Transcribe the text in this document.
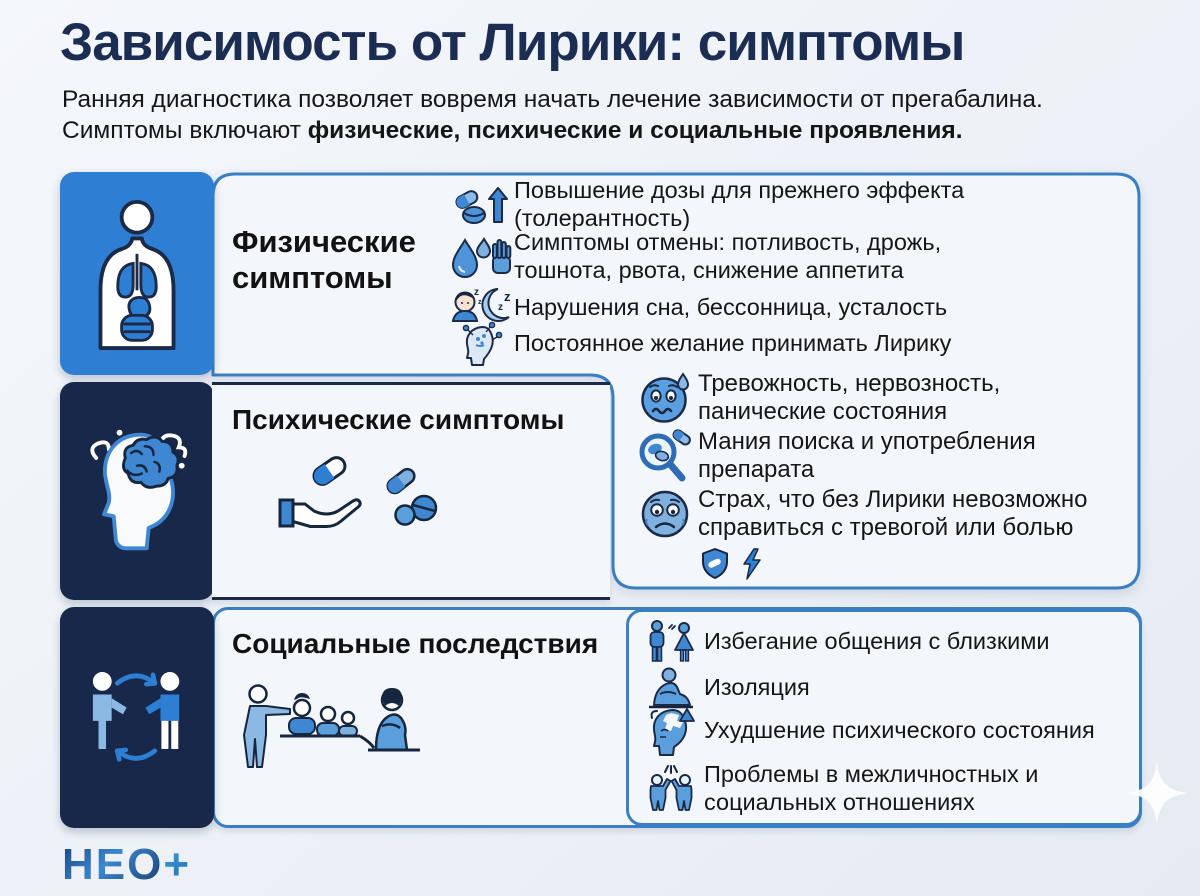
Зависимость от Лирики: симптомы

Ранняя диагностика позволяет вовремя начать лечение зависимости от прегабалина.
Симптомы включают физические, психические и социальные проявления.

Физические симптомы
Повышение дозы для прежнего эффекта (толерантность)
Симптомы отмены: потливость, дрожь, тошнота, рвота, снижение аппетита
z
z z
z Нарушения сна, бессонница, усталость
Постоянное желание принимать Лирику
Психические симптомы
Тревожность, нервозность, панические состояния
Мания поиска и употребления препарата
Страх, что без Лирики невозможно справиться с тревогой или болью
Социальные последствия	Избегание общения с близкими
Изоляция
Ухудшение психического состояния
Проблемы в межличностных и социальных отношениях
НЕО+
